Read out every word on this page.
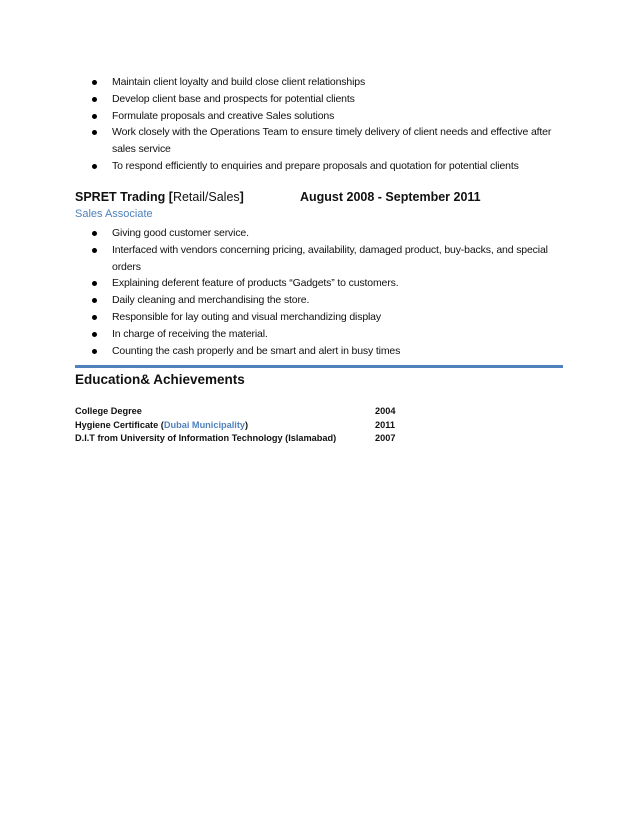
Maintain client loyalty and build close client relationships
Develop client base and prospects for potential clients
Formulate proposals and creative Sales solutions
Work closely with the Operations Team to ensure timely delivery of client needs and effective after sales service
To respond efficiently to enquiries and prepare proposals and quotation for potential clients
SPRET Trading [Retail/Sales]	August 2008 - September 2011
Sales Associate
Giving good customer service.
Interfaced with vendors concerning pricing, availability, damaged product, buy-backs, and special orders
Explaining deferent feature of products “Gadgets” to customers.
Daily cleaning and merchandising the store.
Responsible for lay outing and visual merchandizing display
In charge of receiving the material.
Counting the cash properly and be smart and alert in busy times
Education& Achievements
College Degree	2004
Hygiene Certificate (Dubai Municipality)	2011
D.I.T from University of Information Technology (Islamabad)	2007
